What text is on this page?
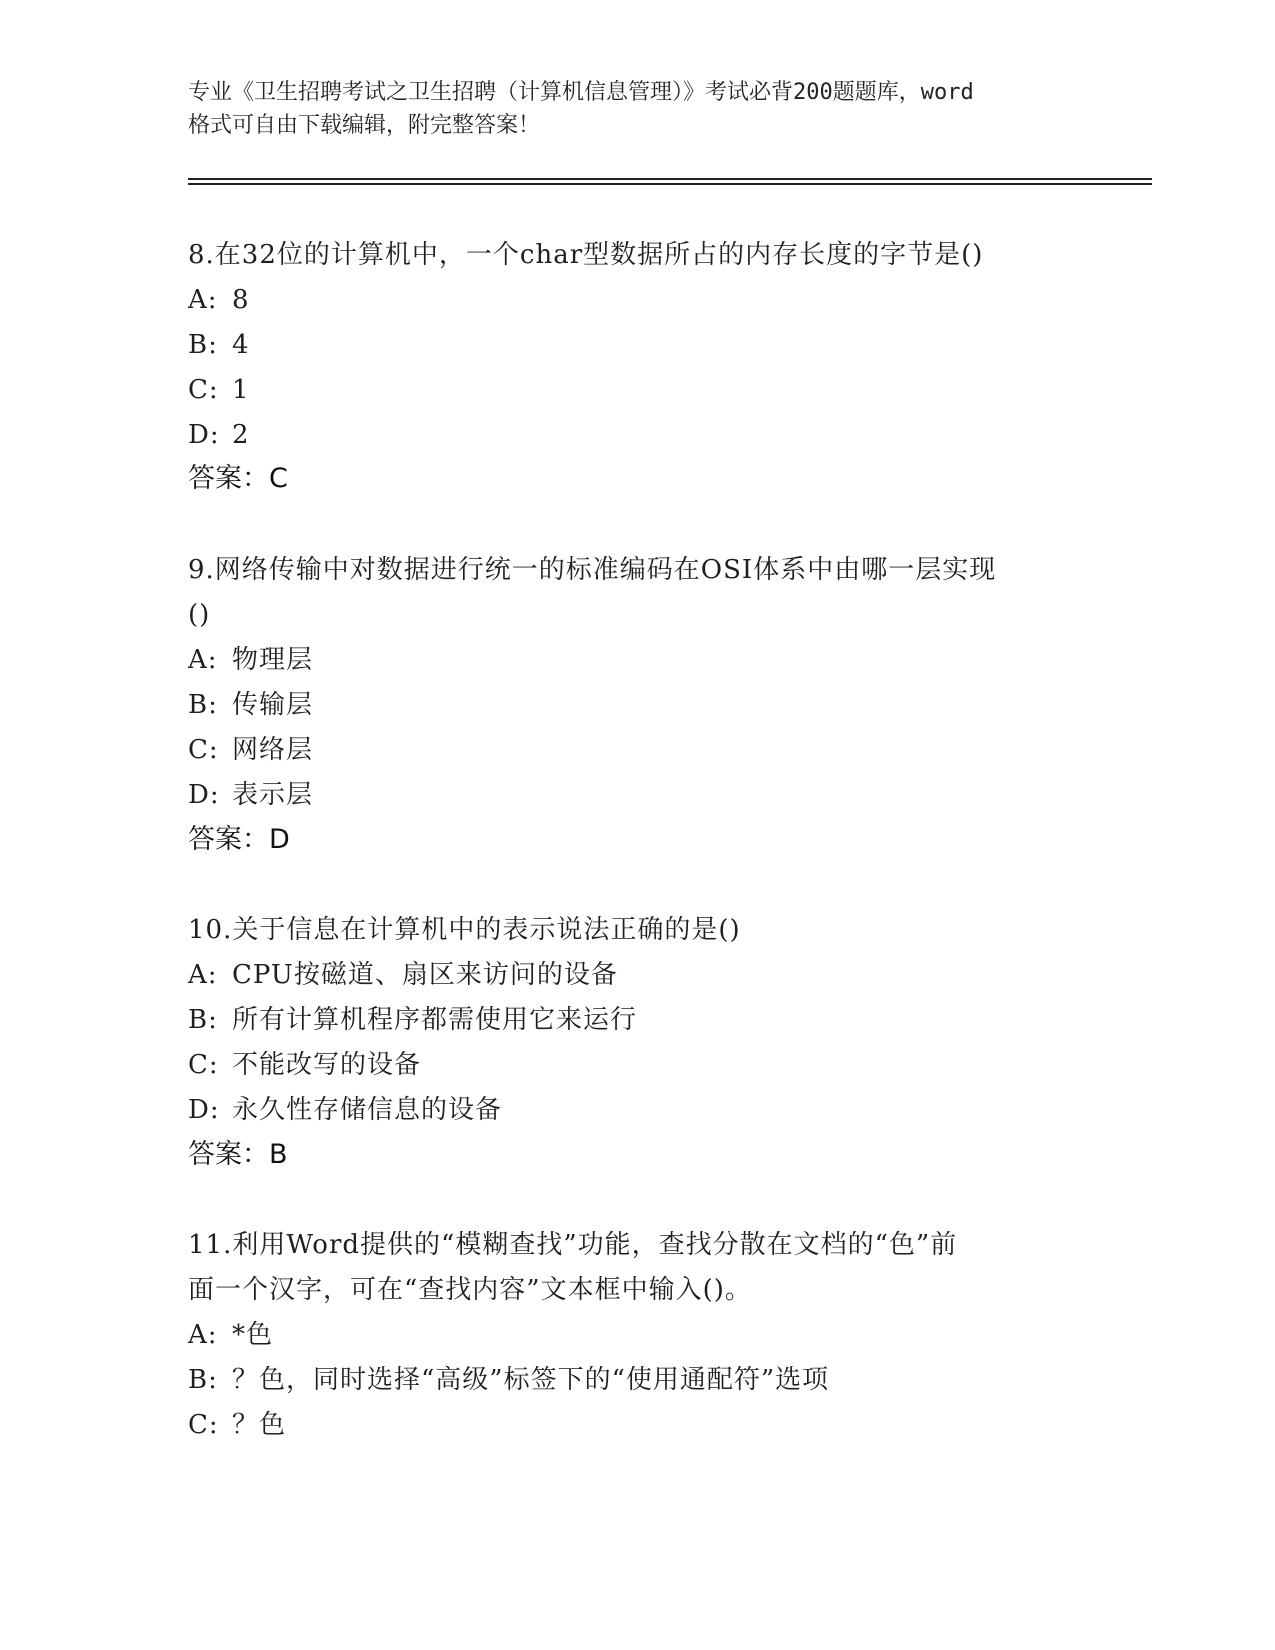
专业《卫生招聘考试之卫生招聘（计算机信息管理）》考试必背200题题库，word
格式可自由下载编辑，附完整答案！
8.在32位的计算机中，一个char型数据所占的内存长度的字节是()
A: 8
B: 4
C: 1
D: 2
答案：C
9.网络传输中对数据进行统一的标准编码在OSI体系中由哪一层实现
()
A: 物理层
B: 传输层
C: 网络层
D: 表示层
答案：D
10.关于信息在计算机中的表示说法正确的是()
A: CPU按磁道、扇区来访问的设备
B: 所有计算机程序都需使用它来运行
C: 不能改写的设备
D: 永久性存储信息的设备
答案：B
11.利用Word提供的“模糊查找”功能，查找分散在文档的“色”前
面一个汉字，可在“查找内容”文本框中输入()。
A: *色
B: ？色，同时选择“高级”标签下的“使用通配符”选项
C: ？色
